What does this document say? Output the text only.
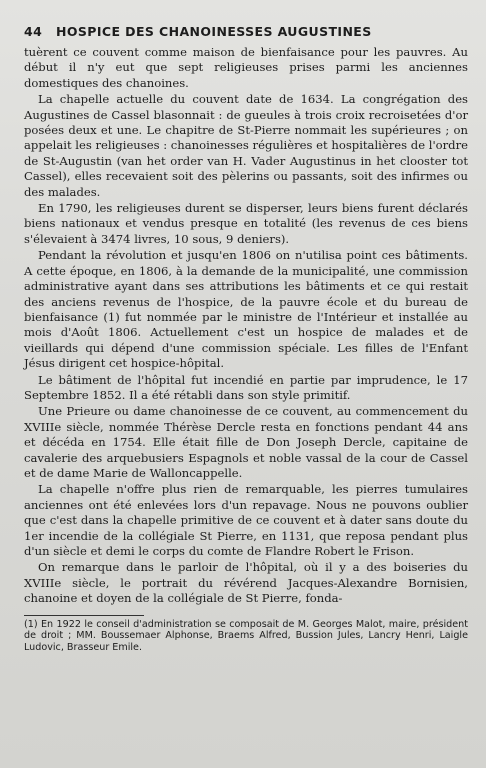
44	HOSPICE DES CHANOINESSES AUGUSTINES

tuèrent ce couvent comme maison de bienfaisance pour les pauvres. Au début il n'y eut que sept religieuses prises parmi les anciennes domestiques des chanoines.

La chapelle actuelle du couvent date de 1634. La congrégation des Augustines de Cassel blasonnait : de gueules à trois croix recroisetées d'or posées deux et une. Le chapitre de St-Pierre nommait les supérieures ; on appelait les religieuses : chanoinesses régulières et hospitalières de l'ordre de St-Augustin (van het order van H. Vader Augustinus in het clooster tot Cassel), elles recevaient soit des pèlerins ou passants, soit des infirmes ou des malades.

En 1790, les religieuses durent se disperser, leurs biens furent déclarés biens nationaux et vendus presque en totalité (les revenus de ces biens s'élevaient à 3474 livres, 10 sous, 9 deniers).

Pendant la révolution et jusqu'en 1806 on n'utilisa point ces bâtiments. A cette époque, en 1806, à la demande de la municipalité, une commission administrative ayant dans ses attributions les bâtiments et ce qui restait des anciens revenus de l'hospice, de la pauvre école et du bureau de bienfaisance (1) fut nommée par le ministre de l'Intérieur et installée au mois d'Août 1806. Actuellement c'est un hospice de malades et de vieillards qui dépend d'une commission spéciale. Les filles de l'Enfant Jésus dirigent cet hospice-hôpital.

Le bâtiment de l'hôpital fut incendié en partie par imprudence, le 17 Septembre 1852. Il a été rétabli dans son style primitif.

Une Prieure ou dame chanoinesse de ce couvent, au commencement du XVIIIe siècle, nommée Thérèse Dercle resta en fonctions pendant 44 ans et décéda en 1754. Elle était fille de Don Joseph Dercle, capitaine de cavalerie des arquebusiers Espagnols et noble vassal de la cour de Cassel et de dame Marie de Walloncappelle.

La chapelle n'offre plus rien de remarquable, les pierres tumulaires anciennes ont été enlevées lors d'un repavage. Nous ne pouvons oublier que c'est dans la chapelle primitive de ce couvent et à dater sans doute du 1er incendie de la collégiale St Pierre, en 1131, que reposa pendant plus d'un siècle et demi le corps du comte de Flandre Robert le Frison.

On remarque dans le parloir de l'hôpital, où il y a des boiseries du XVIIIe siècle, le portrait du révérend Jacques-Alexandre Bornisien, chanoine et doyen de la collégiale de St Pierre, fonda-

(1) En 1922 le conseil d'administration se composait de M. Georges Malot, maire, président de droit ; MM. Boussemaer Alphonse, Braems Alfred, Bussion Jules, Lancry Henri, Laigle Ludovic, Brasseur Emile.
